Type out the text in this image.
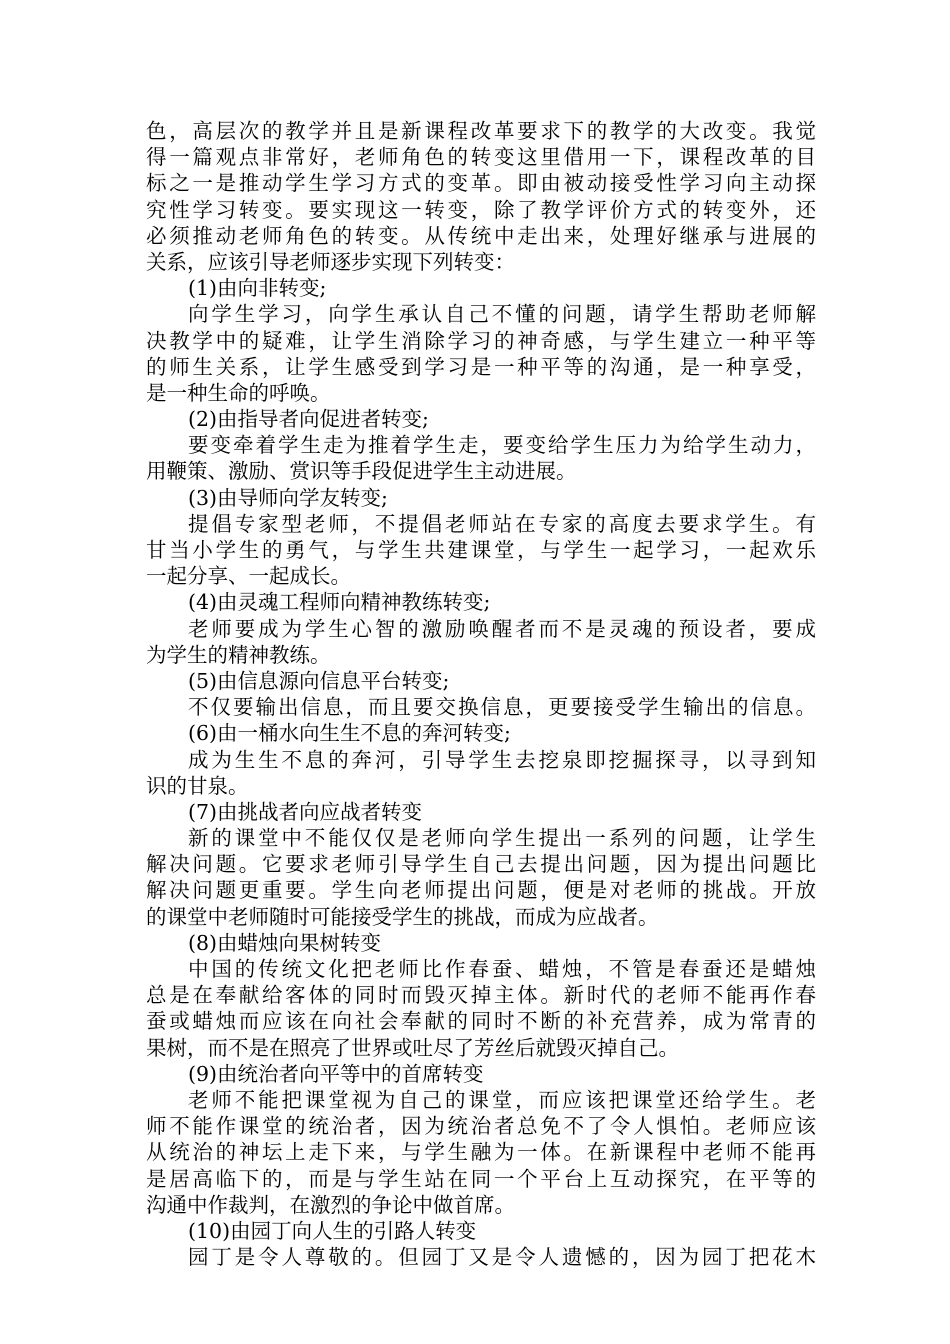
色，高层次的教学并且是新课程改革要求下的教学的大改变。我觉
得一篇观点非常好，老师角色的转变这里借用一下，课程改革的目
标之一是推动学生学习方式的变革。即由被动接受性学习向主动探
究性学习转变。要实现这一转变，除了教学评价方式的转变外，还
必须推动老师角色的转变。从传统中走出来，处理好继承与进展的
关系，应该引导老师逐步实现下列转变：
(1)由向非转变;
向学生学习，向学生承认自己不懂的问题，请学生帮助老师解
决教学中的疑难，让学生消除学习的神奇感，与学生建立一种平等
的师生关系，让学生感受到学习是一种平等的沟通，是一种享受，
是一种生命的呼唤。
(2)由指导者向促进者转变;
要变牵着学生走为推着学生走，要变给学生压力为给学生动力，
用鞭策、激励、赏识等手段促进学生主动进展。
(3)由导师向学友转变;
提倡专家型老师，不提倡老师站在专家的高度去要求学生。有
甘当小学生的勇气，与学生共建课堂，与学生一起学习，一起欢乐
一起分享、一起成长。
(4)由灵魂工程师向精神教练转变;
老师要成为学生心智的激励唤醒者而不是灵魂的预设者，要成
为学生的精神教练。
(5)由信息源向信息平台转变;
不仅要输出信息，而且要交换信息，更要接受学生输出的信息。
(6)由一桶水向生生不息的奔河转变;
成为生生不息的奔河，引导学生去挖泉即挖掘探寻，以寻到知
识的甘泉。
(7)由挑战者向应战者转变
新的课堂中不能仅仅是老师向学生提出一系列的问题，让学生
解决问题。它要求老师引导学生自己去提出问题，因为提出问题比
解决问题更重要。学生向老师提出问题，便是对老师的挑战。开放
的课堂中老师随时可能接受学生的挑战，而成为应战者。
(8)由蜡烛向果树转变
中国的传统文化把老师比作春蚕、蜡烛，不管是春蚕还是蜡烛
总是在奉献给客体的同时而毁灭掉主体。新时代的老师不能再作春
蚕或蜡烛而应该在向社会奉献的同时不断的补充营养，成为常青的
果树，而不是在照亮了世界或吐尽了芳丝后就毁灭掉自己。
(9)由统治者向平等中的首席转变
老师不能把课堂视为自己的课堂，而应该把课堂还给学生。老
师不能作课堂的统治者，因为统治者总免不了令人惧怕。老师应该
从统治的神坛上走下来，与学生融为一体。在新课程中老师不能再
是居高临下的，而是与学生站在同一个平台上互动探究，在平等的
沟通中作裁判，在激烈的争论中做首席。
(10)由园丁向人生的引路人转变
园丁是令人尊敬的。但园丁又是令人遗憾的，因为园丁把花木
